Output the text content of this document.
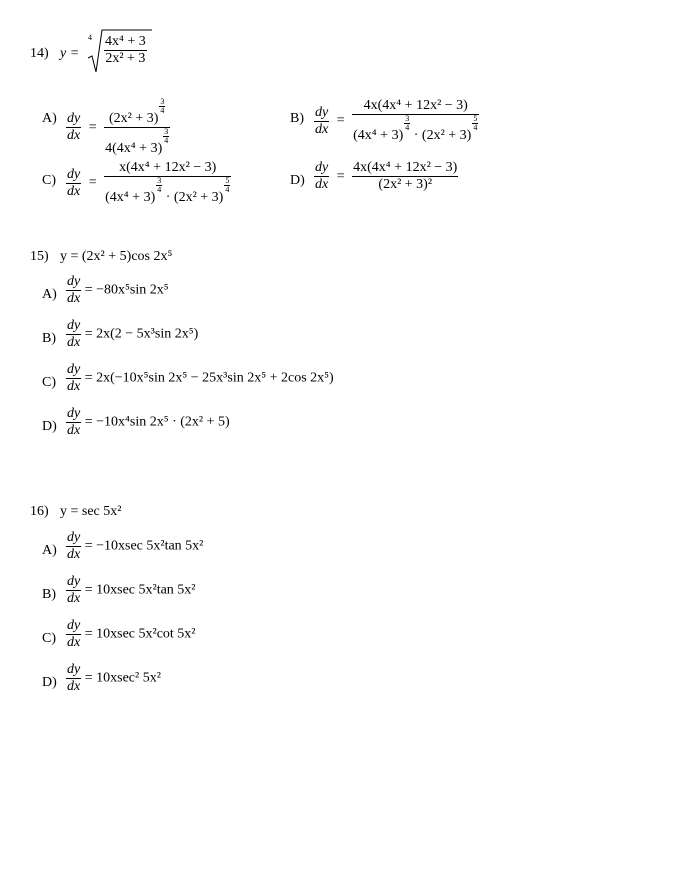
14) y =
$4 \frac{\text{4x⁴ + 3}}{\text{2x² + 3}}$
$A) \frac{dy}{dx} = (2x^2 + 3)$
$\frac{3}{4}$
4(4x⁴ + 3)
$\frac{3}{4}$	$B) \frac{dy}{dx} = 4x(4x^4 + 12x^2 - 3)$
(4x⁴ + 3)
$\frac{3}{4}$
· (2x² + 3)
$\frac{5}{4}$
$C) \frac{dy}{dx} = x(4x^4 + 12x^2 - 3)$
(4x⁴ + 3)
$\frac{3}{4}$
· (2x² + 3)
$\frac{5}{4}$	$D) \frac{dy}{dx} = \frac{\text{4x(4x⁴ + 12x² − 3)}}{\text{(2x² + 3)²}}$
15) y = (2x² + 5)cos 2x⁵
$A) \frac{dy}{dx} = -80x^5\sin$ 2x⁵
$B) \frac{dy}{dx} = 2x(2 - 5x^3\sin$ 2x⁵)
$C) \frac{dy}{dx} = 2x(-10x^5\sin$ 2x⁵ − 25x³sin 2x⁵ + 2cos 2x⁵)
$D) \frac{dy}{dx} = -10x^4\sin$ 2x⁵ · (2x² + 5)
16) y = sec 5x²
$A) \frac{dy}{dx} = -10xsec$ 5x²tan 5x²
$B) \frac{dy}{dx} = 10xsec$ 5x²tan 5x²
$C) \frac{dy}{dx} = 10xsec$ 5x²cot 5x²
$D) \frac{dy}{dx} = 10xsec^2$ 5x²
